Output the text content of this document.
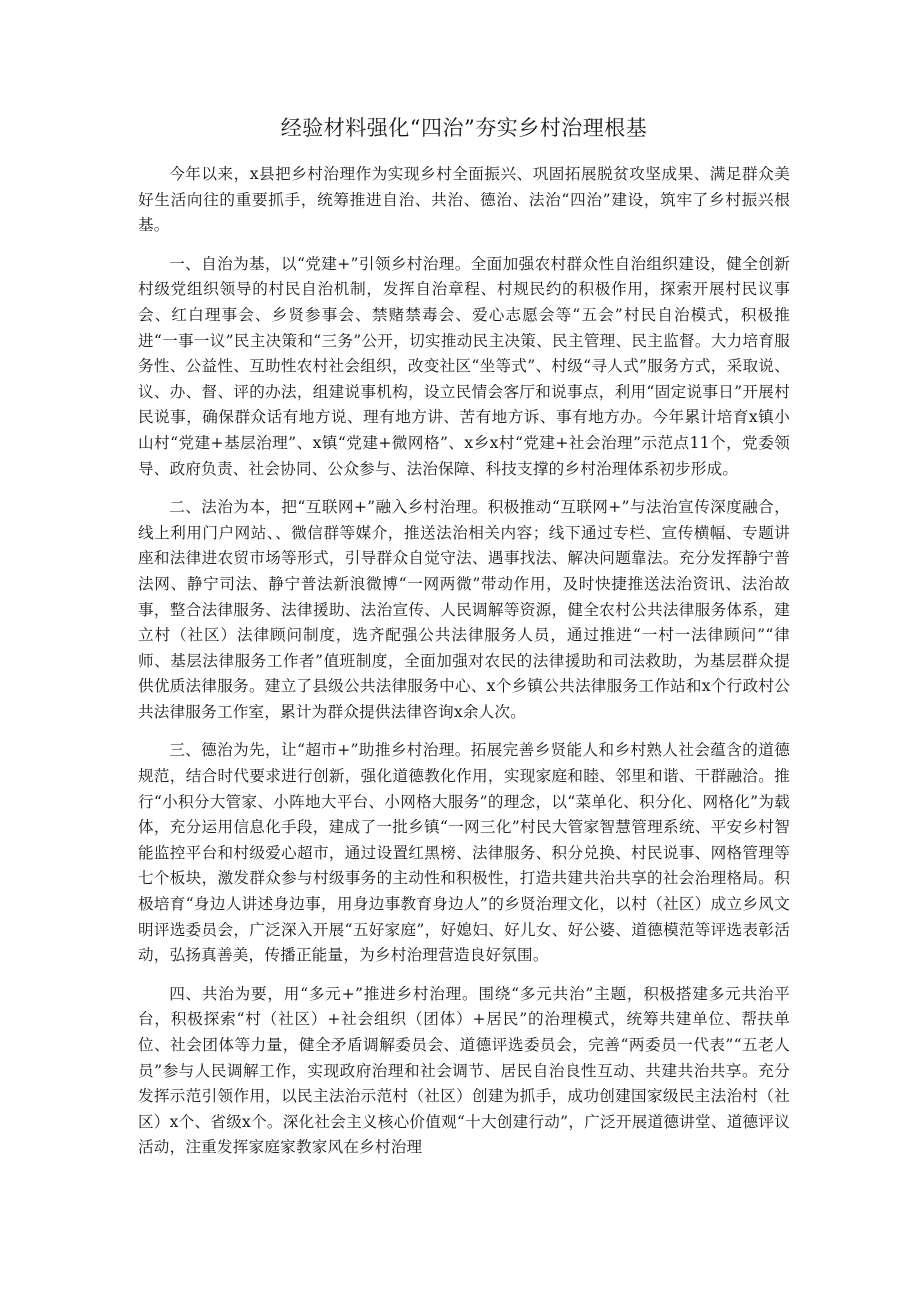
经验材料强化“四治”夯实乡村治理根基

今年以来，x县把乡村治理作为实现乡村全面振兴、巩固拓展脱贫攻坚成果、满足群众美好生活向往的重要抓手，统筹推进自治、共治、德治、法治“四治”建设，筑牢了乡村振兴根基。

一、自治为基，以“党建+”引领乡村治理。全面加强农村群众性自治组织建设，健全创新村级党组织领导的村民自治机制，发挥自治章程、村规民约的积极作用，探索开展村民议事会、红白理事会、乡贤参事会、禁赌禁毒会、爱心志愿会等“五会”村民自治模式，积极推进“一事一议”民主决策和“三务”公开，切实推动民主决策、民主管理、民主监督。大力培育服务性、公益性、互助性农村社会组织，改变社区“坐等式”、村级“寻人式”服务方式，采取说、议、办、督、评的办法，组建说事机构，设立民情会客厅和说事点，利用“固定说事日”开展村民说事，确保群众话有地方说、理有地方讲、苦有地方诉、事有地方办。今年累计培育x镇小山村“党建+基层治理”、x镇“党建+微网格”、x乡x村“党建+社会治理”示范点11个，党委领导、政府负责、社会协同、公众参与、法治保障、科技支撑的乡村治理体系初步形成。

二、法治为本，把“互联网+”融入乡村治理。积极推动“互联网+”与法治宣传深度融合，线上利用门户网站、、微信群等媒介，推送法治相关内容；线下通过专栏、宣传横幅、专题讲座和法律进农贸市场等形式，引导群众自觉守法、遇事找法、解决问题靠法。充分发挥静宁普法网、静宁司法、静宁普法新浪微博“一网两微”带动作用，及时快捷推送法治资讯、法治故事，整合法律服务、法律援助、法治宣传、人民调解等资源，健全农村公共法律服务体系，建立村（社区）法律顾问制度，选齐配强公共法律服务人员，通过推进“一村一法律顾问”“律师、基层法律服务工作者”值班制度，全面加强对农民的法律援助和司法救助，为基层群众提供优质法律服务。建立了县级公共法律服务中心、x个乡镇公共法律服务工作站和x个行政村公共法律服务工作室，累计为群众提供法律咨询x余人次。

三、德治为先，让“超市+”助推乡村治理。拓展完善乡贤能人和乡村熟人社会蕴含的道德规范，结合时代要求进行创新，强化道德教化作用，实现家庭和睦、邻里和谐、干群融洽。推行“小积分大管家、小阵地大平台、小网格大服务”的理念，以“菜单化、积分化、网格化”为载体，充分运用信息化手段，建成了一批乡镇“一网三化”村民大管家智慧管理系统、平安乡村智能监控平台和村级爱心超市，通过设置红黑榜、法律服务、积分兑换、村民说事、网格管理等七个板块，激发群众参与村级事务的主动性和积极性，打造共建共治共享的社会治理格局。积极培育“身边人讲述身边事，用身边事教育身边人”的乡贤治理文化，以村（社区）成立乡风文明评选委员会，广泛深入开展“五好家庭”，好媳妇、好儿女、好公婆、道德模范等评选表彰活动，弘扬真善美，传播正能量，为乡村治理营造良好氛围。

四、共治为要，用“多元+”推进乡村治理。围绕“多元共治”主题，积极搭建多元共治平台，积极探索“村（社区）+社会组织（团体）+居民”的治理模式，统筹共建单位、帮扶单位、社会团体等力量，健全矛盾调解委员会、道德评选委员会，完善“两委员一代表”“五老人员”参与人民调解工作，实现政府治理和社会调节、居民自治良性互动、共建共治共享。充分发挥示范引领作用，以民主法治示范村（社区）创建为抓手，成功创建国家级民主法治村（社区）x个、省级x个。深化社会主义核心价值观“十大创建行动”，广泛开展道德讲堂、道德评议活动，注重发挥家庭家教家风在乡村治理
